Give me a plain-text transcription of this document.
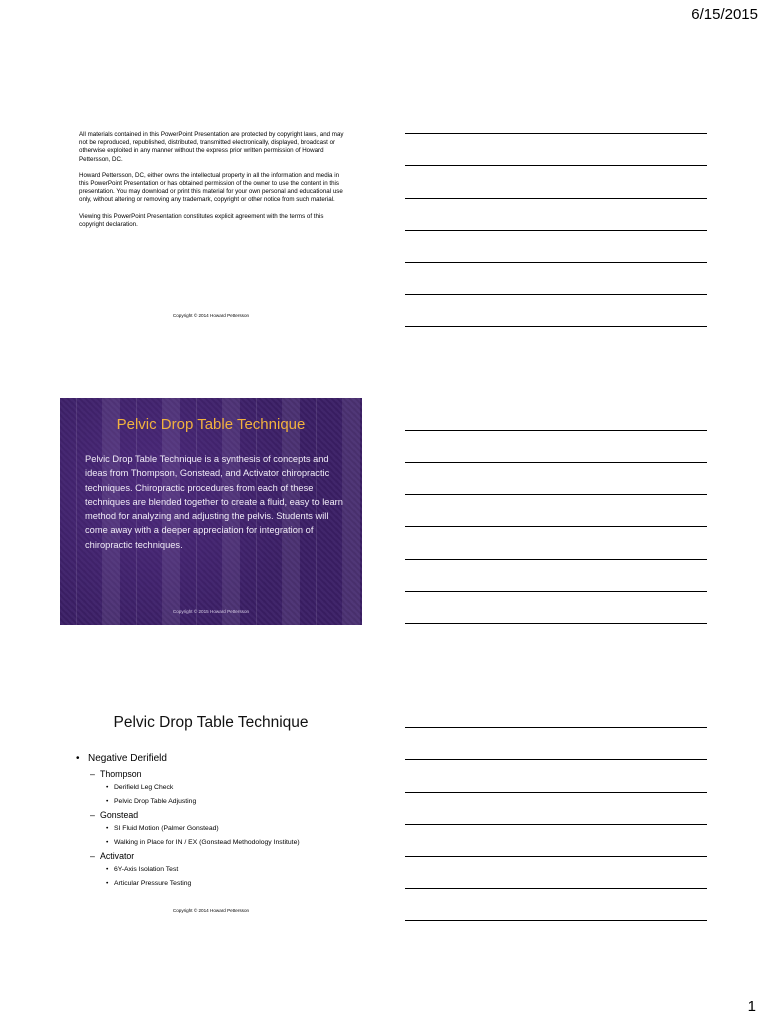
6/15/2015

All materials contained in this PowerPoint Presentation are protected by copyright laws, and may not be reproduced, republished, distributed, transmitted electronically, displayed, broadcast or otherwise exploited in any manner without the express prior written permission of Howard Pettersson, DC.

Howard Pettersson, DC, either owns the intellectual property in all the information and media in this PowerPoint Presentation or has obtained permission of the owner to use the content in this presentation. You may download or print this material for your own personal and educational use only, without altering or removing any trademark, copyright or other notice from such material.

Viewing this PowerPoint Presentation constitutes explicit agreement with the terms of this copyright declaration.

Copyright © 2014 Howard Pettersson
Pelvic Drop Table Technique
Pelvic Drop Table Technique is a synthesis of concepts and ideas from Thompson, Gonstead, and Activator chiropractic techniques. Chiropractic procedures from each of these techniques are blended together to create a fluid, easy to learn method for analyzing and adjusting the pelvis. Students will come away with a deeper appreciation for integration of chiropractic techniques.
Copyright © 2015 Howard Pettersson
Pelvic Drop Table Technique
• Negative Derifield
– Thompson
• Derifield Leg Check
• Pelvic Drop Table Adjusting
– Gonstead
• SI Fluid Motion (Palmer Gonstead)
• Walking in Place for IN / EX (Gonstead Methodology Institute)
– Activator
• 6Y-Axis Isolation Test
• Articular Pressure Testing
Copyright © 2014 Howard Pettersson
1
